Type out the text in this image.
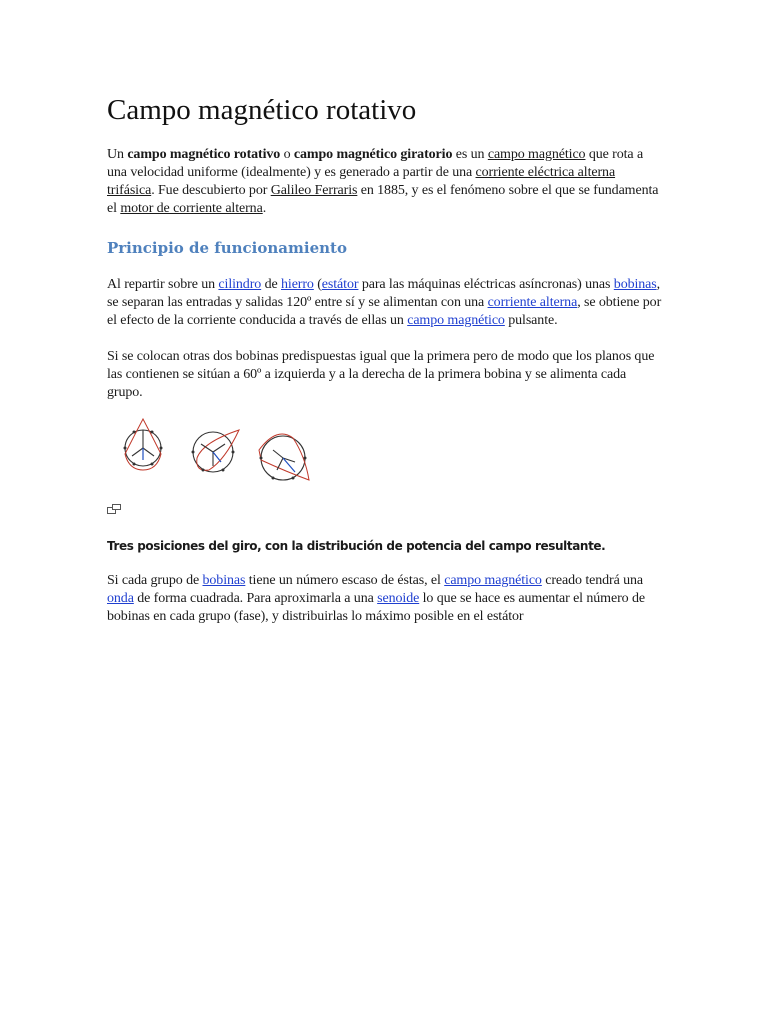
Campo magnético rotativo

Un campo magnético rotativo o campo magnético giratorio es un campo magnético que rota a una velocidad uniforme (idealmente) y es generado a partir de una corriente eléctrica alterna trifásica. Fue descubierto por Galileo Ferraris en 1885, y es el fenómeno sobre el que se fundamenta el motor de corriente alterna.

Principio de funcionamiento

Al repartir sobre un cilindro de hierro (estátor para las máquinas eléctricas asíncronas) unas bobinas, se separan las entradas y salidas 120º entre sí y se alimentan con una corriente alterna, se obtiene por el efecto de la corriente conducida a través de ellas un campo magnético pulsante.

Si se colocan otras dos bobinas predispuestas igual que la primera pero de modo que los planos que las contienen se sitúan a 60º a izquierda y a la derecha de la primera bobina y se alimenta cada grupo.

Tres posiciones del giro, con la distribución de potencia del campo resultante.

Si cada grupo de bobinas tiene un número escaso de éstas, el campo magnético creado tendrá una onda de forma cuadrada. Para aproximarla a una senoide lo que se hace es aumentar el número de bobinas en cada grupo (fase), y distribuirlas lo máximo posible en el estátor
